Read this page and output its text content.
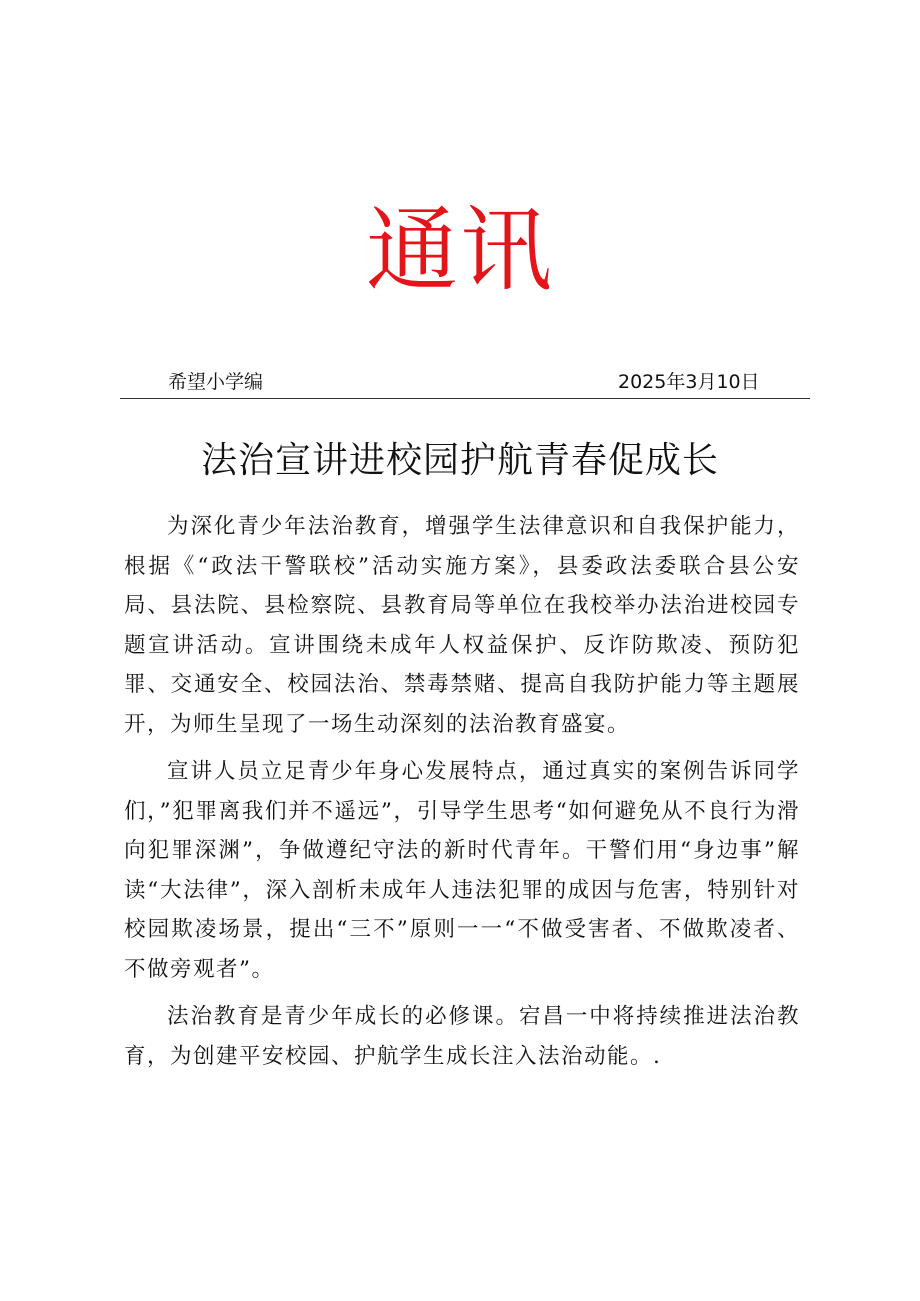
通讯
希望小学编	2025年3月10日
法治宣讲进校园护航青春促成长

为深化青少年法治教育，增强学生法律意识和自我保护能力，根据《“政法干警联校”活动实施方案》，县委政法委联合县公安局、县法院、县检察院、县教育局等单位在我校举办法治进校园专题宣讲活动。宣讲围绕未成年人权益保护、反诈防欺凌、预防犯罪、交通安全、校园法治、禁毒禁赌、提高自我防护能力等主题展开，为师生呈现了一场生动深刻的法治教育盛宴。

宣讲人员立足青少年身心发展特点，通过真实的案例告诉同学们，”犯罪离我们并不遥远”，引导学生思考“如何避免从不良行为滑向犯罪深渊”，争做遵纪守法的新时代青年。干警们用“身边事”解读“大法律”，深入剖析未成年人违法犯罪的成因与危害，特别针对校园欺凌场景，提出“三不”原则一一“不做受害者、不做欺凌者、不做旁观者”。

法治教育是青少年成长的必修课。宕昌一中将持续推进法治教育，为创建平安校园、护航学生成长注入法治动能。.
